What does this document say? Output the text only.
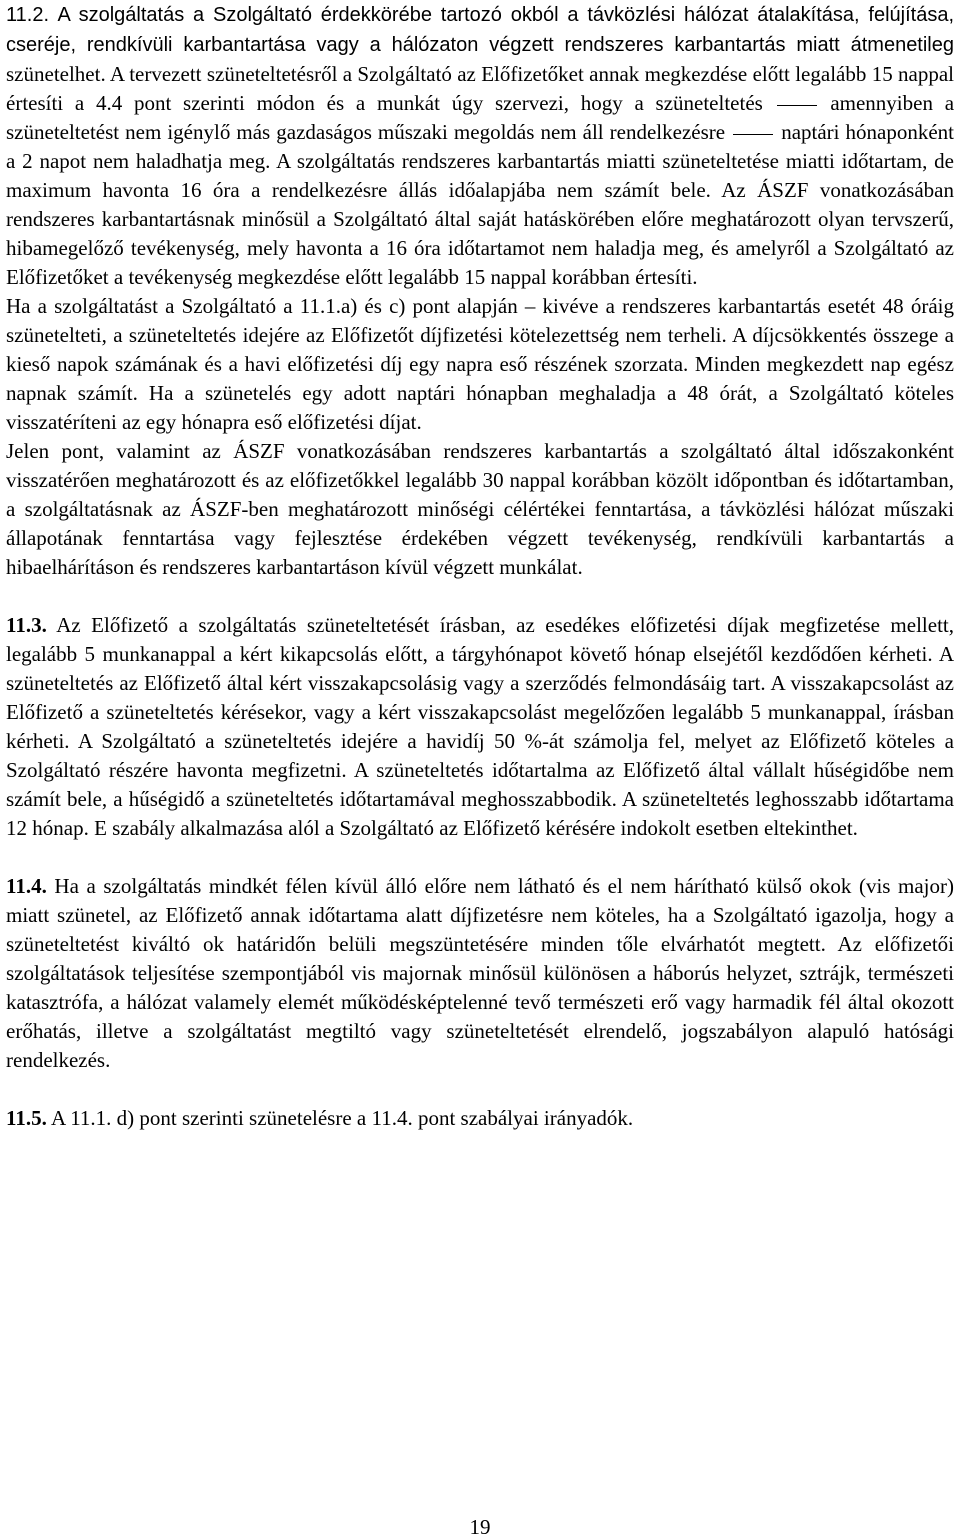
11.2. A szolgáltatás a Szolgáltató érdekkörébe tartozó okból a távközlési hálózat átalakítása, felújítása, cseréje, rendkívüli karbantartása vagy a hálózaton végzett rendszeres karbantartás miatt átmenetileg szünetelhet. A tervezett szüneteltetésről a Szolgáltató az Előfizetőket annak megkezdése előtt legalább 15 nappal értesíti a 4.4 pont szerinti módon és a munkát úgy szervezi, hogy a szüneteltetés	amennyiben a szüneteltetést nem igénylő más gazdaságos műszaki megoldás nem áll rendelkezésre	naptári hónaponként a 2 napot nem haladhatja meg. A szolgáltatás rendszeres karbantartás miatti szüneteltetése miatti időtartam, de maximum havonta 16 óra a rendelkezésre állás időalapjába nem számít bele. Az ÁSZF vonatkozásában rendszeres karbantartásnak minősül a Szolgáltató által saját hatáskörében előre meghatározott olyan tervszerű, hibamegelőző tevékenység, mely havonta a 16 óra időtartamot nem haladja meg, és amelyről a Szolgáltató az Előfizetőket a tevékenység megkezdése előtt legalább 15 nappal korábban értesíti.

Ha a szolgáltatást a Szolgáltató a 11.1.a) és c) pont alapján – kivéve a rendszeres karbantartás esetét 48 óráig szünetelteti, a szüneteltetés idejére az Előfizetőt díjfizetési kötelezettség nem terheli. A díjcsökkentés összege a kieső napok számának és a havi előfizetési díj egy napra eső részének szorzata. Minden megkezdett nap egész napnak számít. Ha a szünetelés egy adott naptári hónapban meghaladja a 48 órát, a Szolgáltató köteles visszatéríteni az egy hónapra eső előfizetési díjat.

Jelen pont, valamint az ÁSZF vonatkozásában rendszeres karbantartás a szolgáltató által időszakonként visszatérően meghatározott és az előfizetőkkel legalább 30 nappal korábban közölt időpontban és időtartamban, a szolgáltatásnak az ÁSZF-ben meghatározott minőségi célértékei fenntartása, a távközlési hálózat műszaki állapotának fenntartása vagy fejlesztése érdekében végzett tevékenység, rendkívüli karbantartás a hibaelhárításon és rendszeres karbantartáson kívül végzett munkálat.

11.3. Az Előfizető a szolgáltatás szüneteltetését írásban, az esedékes előfizetési díjak megfizetése mellett, legalább 5 munkanappal a kért kikapcsolás előtt, a tárgyhónapot követő hónap elsejétől kezdődően kérheti. A szüneteltetés az Előfizető által kért visszakapcsolásig vagy a szerződés felmondásáig tart. A visszakapcsolást az Előfizető a szüneteltetés kérésekor, vagy a kért visszakapcsolást megelőzően legalább 5 munkanappal, írásban kérheti. A Szolgáltató a szüneteltetés idejére a havidíj 50 %-át számolja fel, melyet az Előfizető köteles a Szolgáltató részére havonta megfizetni. A szüneteltetés időtartalma az Előfizető által vállalt hűségidőbe nem számít bele, a hűségidő a szüneteltetés időtartamával meghosszabbodik. A szüneteltetés leghosszabb időtartama 12 hónap. E szabály alkalmazása alól a Szolgáltató az Előfizető kérésére indokolt esetben eltekinthet.

11.4. Ha a szolgáltatás mindkét félen kívül álló előre nem látható és el nem hárítható külső okok (vis major) miatt szünetel, az Előfizető annak időtartama alatt díjfizetésre nem köteles, ha a Szolgáltató igazolja, hogy a szüneteltetést kiváltó ok határidőn belüli megszüntetésére minden tőle elvárhatót megtett. Az előfizetői szolgáltatások teljesítése szempontjából vis majornak minősül különösen a háborús helyzet, sztrájk, természeti katasztrófa, a hálózat valamely elemét működésképtelenné tevő természeti erő vagy harmadik fél által okozott erőhatás, illetve a szolgáltatást megtiltó vagy szüneteltetését elrendelő, jogszabályon alapuló hatósági rendelkezés.

11.5. A 11.1. d) pont szerinti szünetelésre a 11.4. pont szabályai irányadók.

19
